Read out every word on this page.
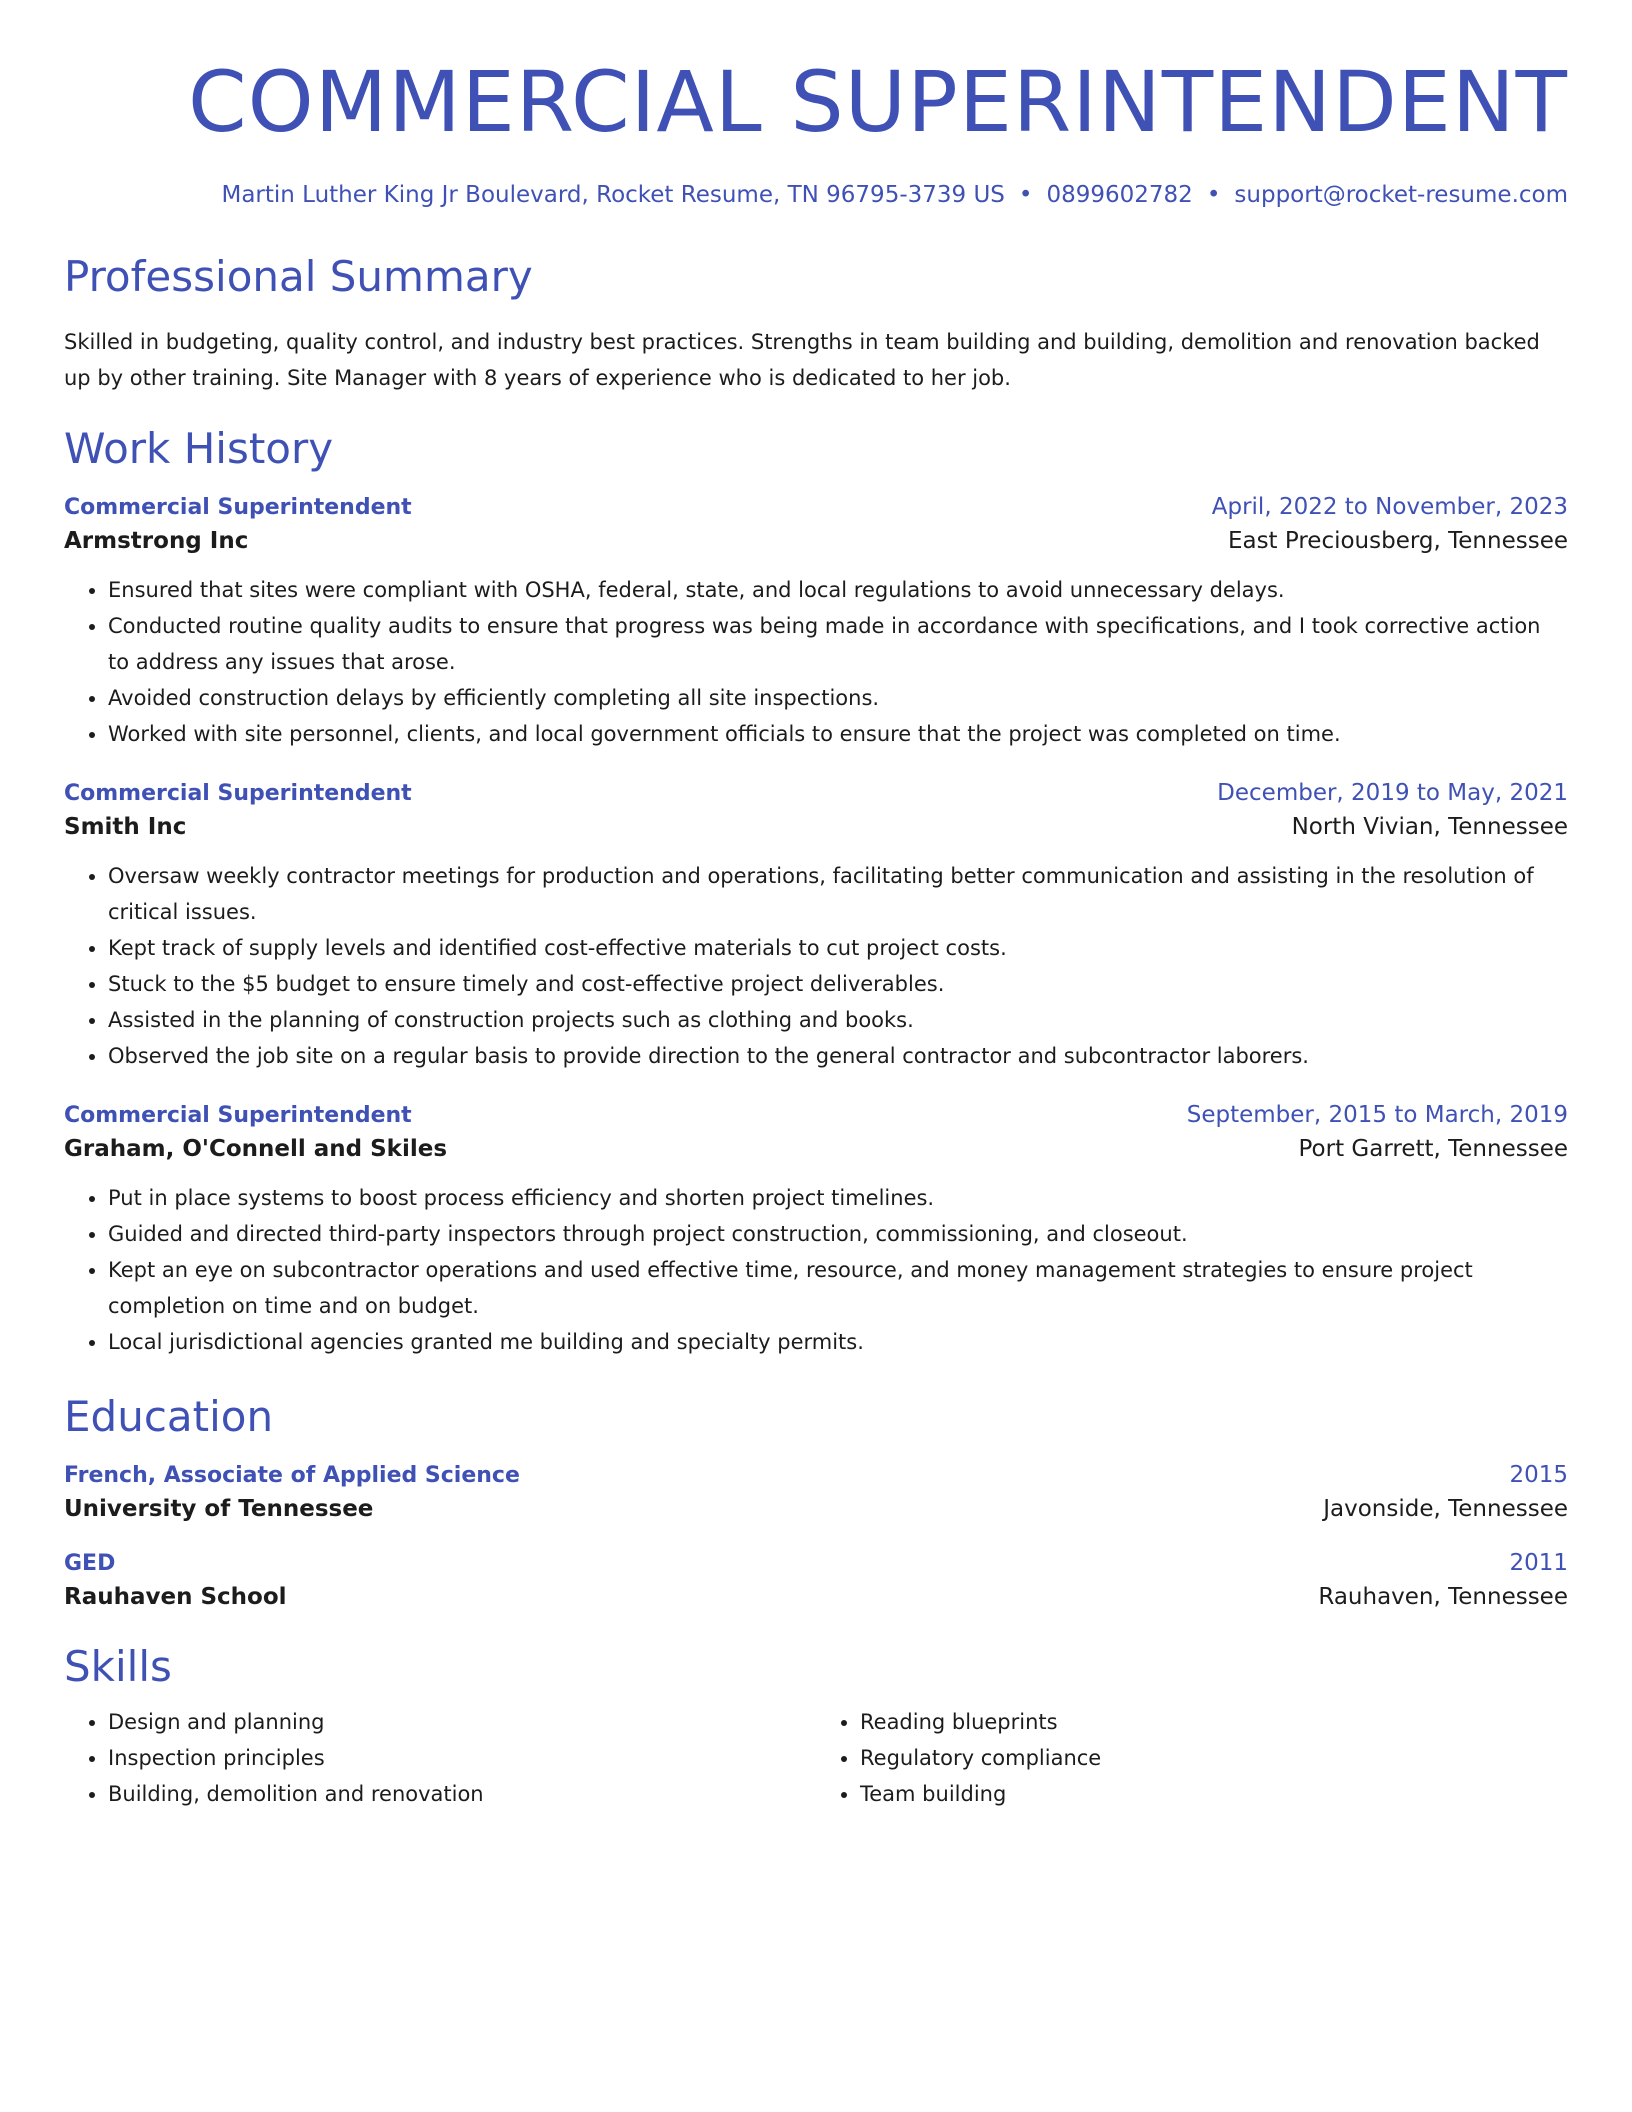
COMMERCIAL SUPERINTENDENT
Martin Luther King Jr Boulevard, Rocket Resume, TN 96795-3739 US • 0899602782 • support@rocket-resume.com
Professional Summary
Skilled in budgeting, quality control, and industry best practices. Strengths in team building and building, demolition and renovation backed up by other training. Site Manager with 8 years of experience who is dedicated to her job.
Work History
Commercial Superintendent	April, 2022 to November, 2023
Armstrong Inc	East Preciousberg, Tennessee
• Ensured that sites were compliant with OSHA, federal, state, and local regulations to avoid unnecessary delays.
• Conducted routine quality audits to ensure that progress was being made in accordance with specifications, and I took corrective action to address any issues that arose.
• Avoided construction delays by efficiently completing all site inspections.
• Worked with site personnel, clients, and local government officials to ensure that the project was completed on time.
Commercial Superintendent	December, 2019 to May, 2021
Smith Inc	North Vivian, Tennessee
• Oversaw weekly contractor meetings for production and operations, facilitating better communication and assisting in the resolution of critical issues.
• Kept track of supply levels and identified cost-effective materials to cut project costs.
• Stuck to the $5 budget to ensure timely and cost-effective project deliverables.
• Assisted in the planning of construction projects such as clothing and books.
• Observed the job site on a regular basis to provide direction to the general contractor and subcontractor laborers.
Commercial Superintendent	September, 2015 to March, 2019
Graham, O'Connell and Skiles	Port Garrett, Tennessee
• Put in place systems to boost process efficiency and shorten project timelines.
• Guided and directed third-party inspectors through project construction, commissioning, and closeout.
• Kept an eye on subcontractor operations and used effective time, resource, and money management strategies to ensure project completion on time and on budget.
• Local jurisdictional agencies granted me building and specialty permits.
Education
French, Associate of Applied Science	2015
University of Tennessee	Javonside, Tennessee
GED	2011
Rauhaven School	Rauhaven, Tennessee
Skills
• Design and planning
• Inspection principles
• Building, demolition and renovation
• Reading blueprints
• Regulatory compliance
• Team building
